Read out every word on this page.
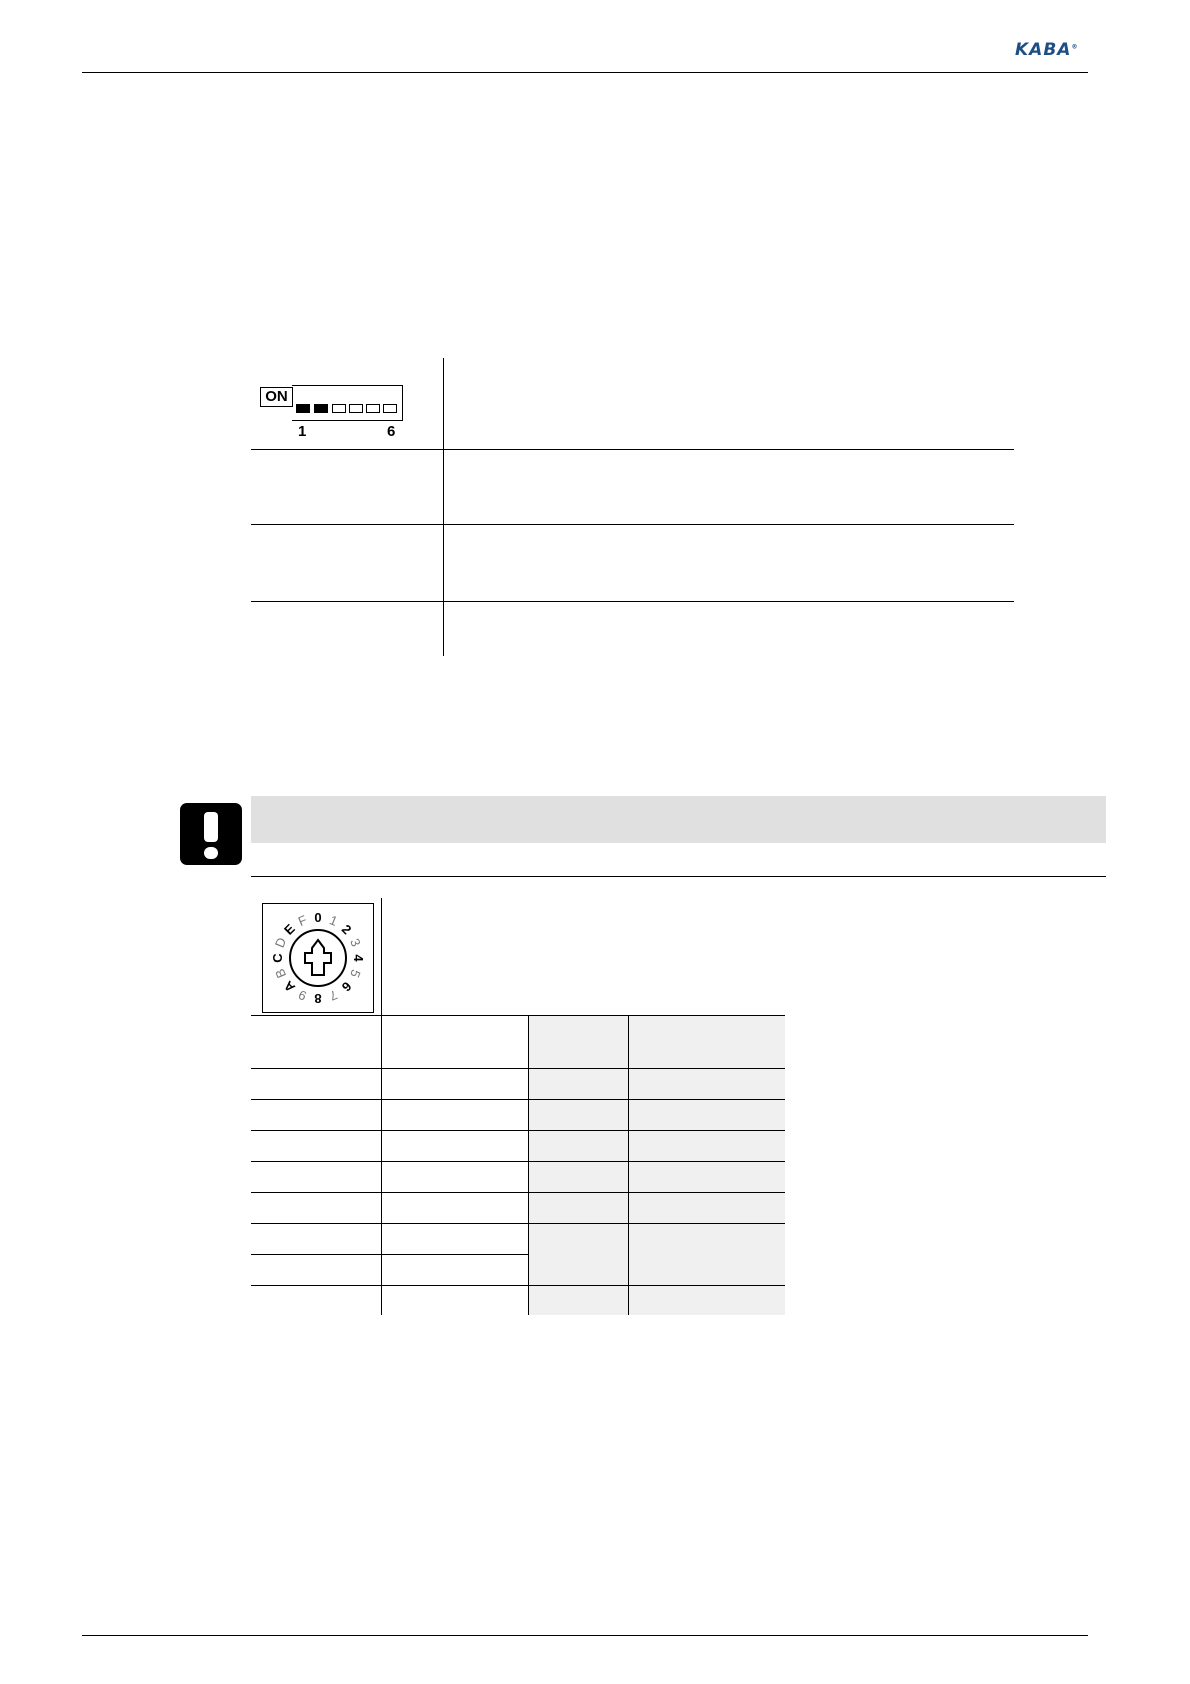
KABA®
ON
1	6
0 1
2
3
4
5
6
7
8
9
A
B
C
D
E
F
